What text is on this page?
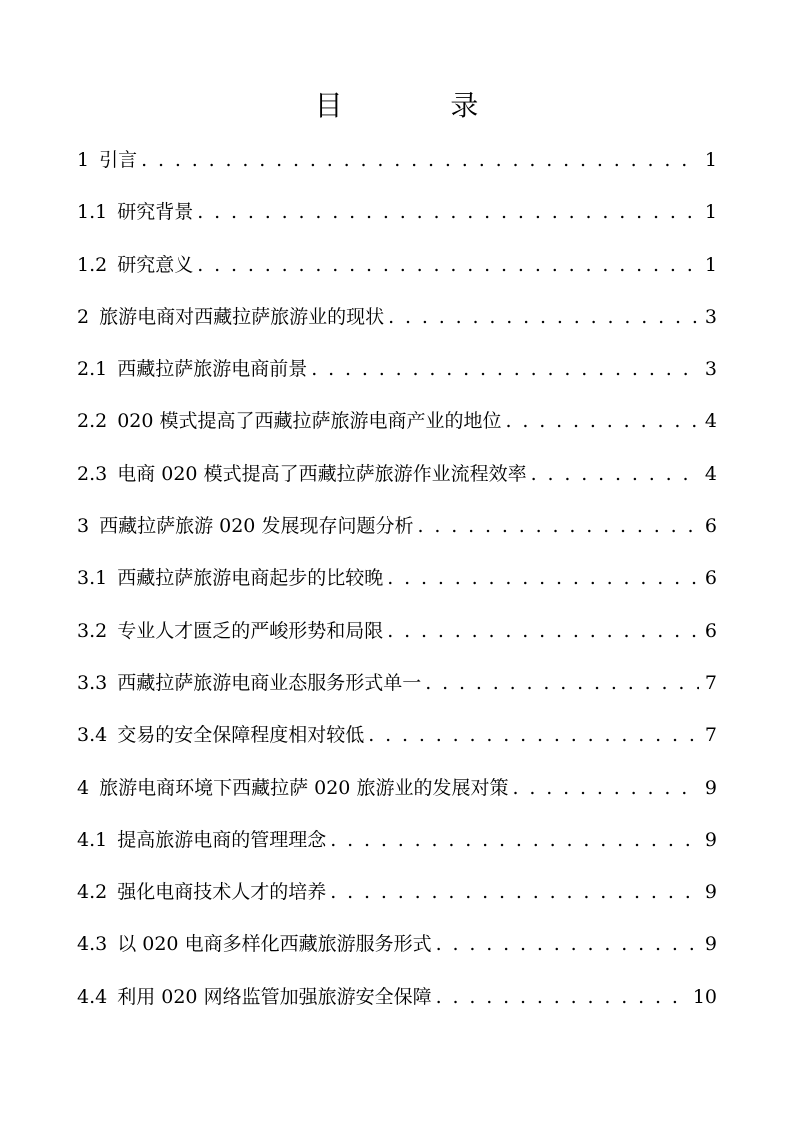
目  录
1 引言 . . .	1
1.1 研究背景 . . .	1
1.2 研究意义 . . .	1
2 旅游电商对西藏拉萨旅游业的现状 . . .	3
2.1 西藏拉萨旅游电商前景 . . .	3
2.2 020 模式提高了西藏拉萨旅游电商产业的地位 . . .	4
2.3 电商 020 模式提高了西藏拉萨旅游作业流程效率 . . .	4
3 西藏拉萨旅游 020 发展现存问题分析 . . .	6
3.1 西藏拉萨旅游电商起步的比较晚 . . .	6
3.2 专业人才匮乏的严峻形势和局限 . . .	6
3.3 西藏拉萨旅游电商业态服务形式单一 . . .	7
3.4 交易的安全保障程度相对较低 . . .	7
4 旅游电商环境下西藏拉萨 020 旅游业的发展对策 . . .	9
4.1 提高旅游电商的管理理念 . . .	9
4.2 强化电商技术人才的培养 . . .	9
4.3 以 020 电商多样化西藏旅游服务形式 . . .	9
4.4 利用 020 网络监管加强旅游安全保障 . . .	10
